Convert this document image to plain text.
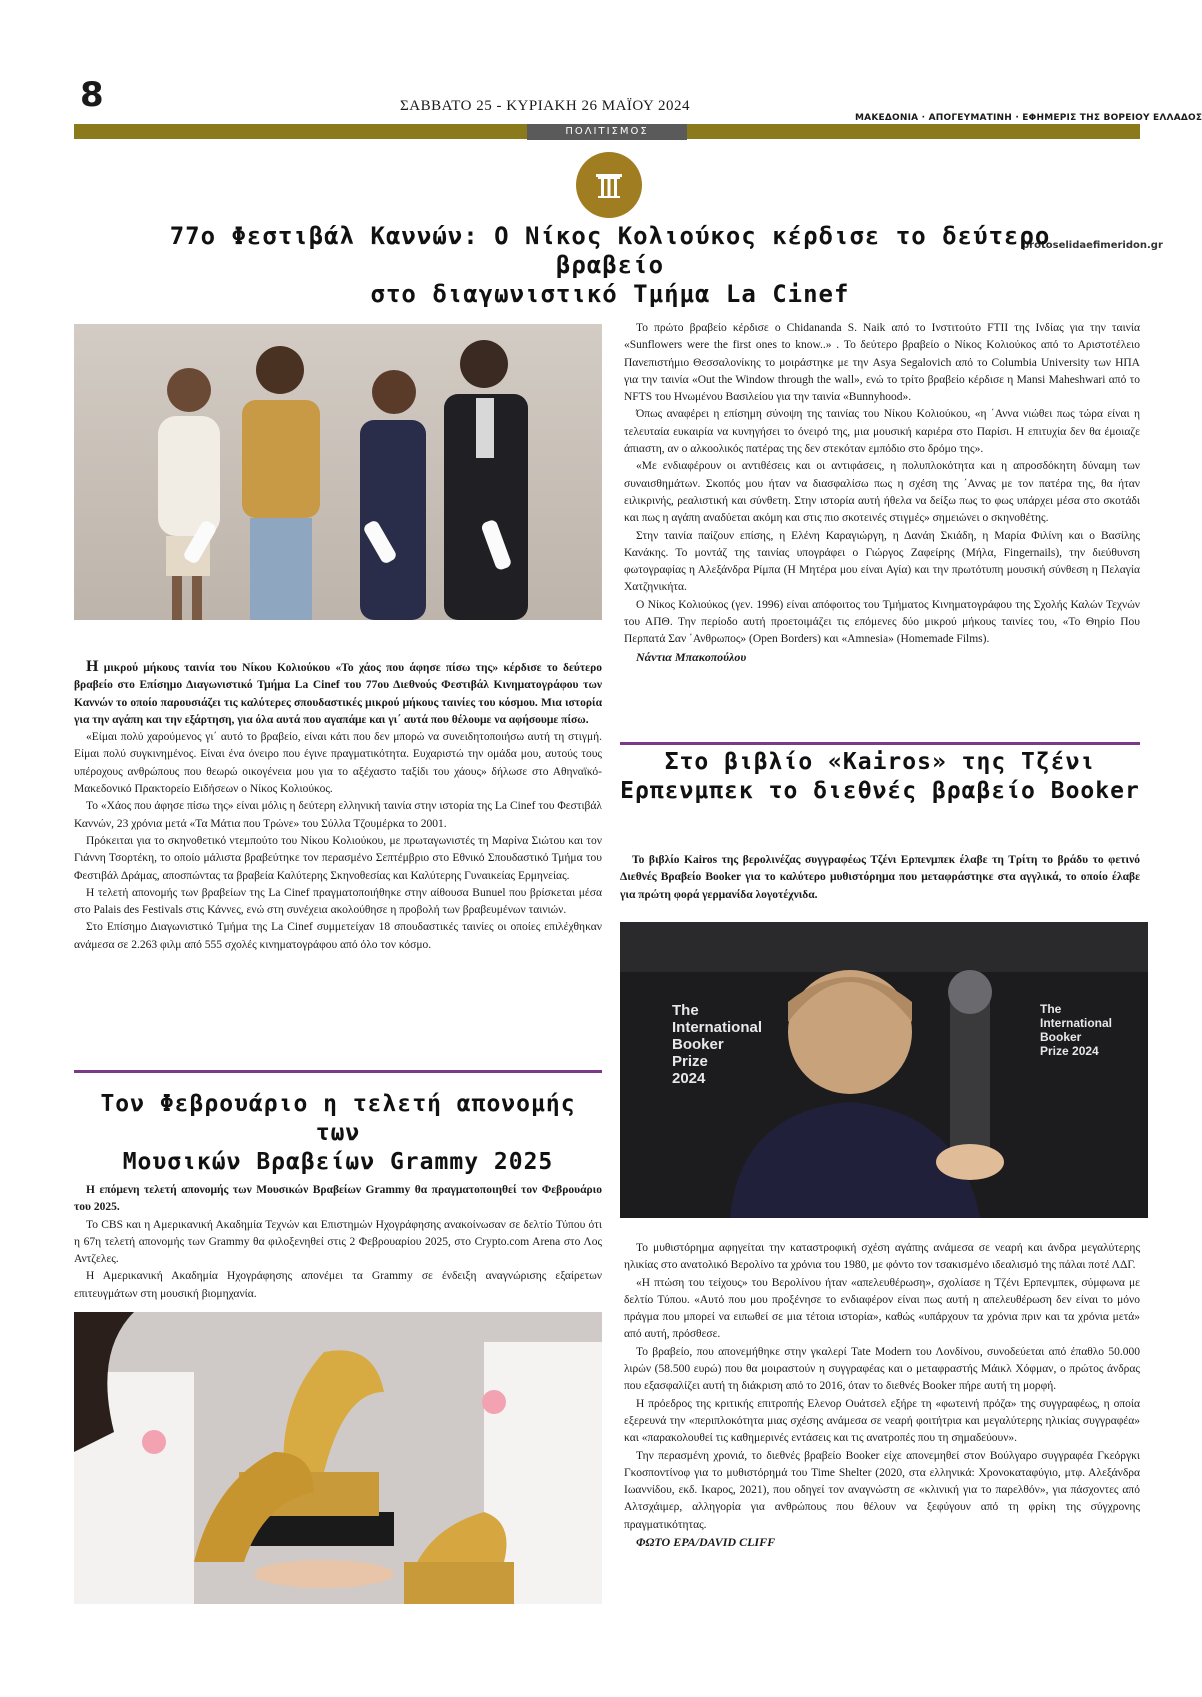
8	ΣΑΒΒΑΤΟ 25 - ΚΥΡΙΑΚΗ 26 ΜΑΪΟΥ 2024
ΜΑΚΕΔΟΝΙΑ · ΑΠΟΓΕΥΜΑΤΙΝΗ · ΕΦΗΜΕΡΙΣ ΤΗΣ ΒΟΡΕΙΟΥ ΕΛΛΑΔΟΣ
ΠΟΛΙΤΙΣΜΟΣ
protoselidaefimeridon.gr
77ο Φεστιβάλ Καννών: Ο Νίκος Κολιούκος κέρδισε το δεύτερο βραβείο
στο διαγωνιστικό Τμήμα La Cinef

Η μικρού μήκους ταινία του Νίκου Κολιούκου «Το χάος που άφησε πίσω της» κέρδισε το δεύτερο βραβείο στο Επίσημο Διαγωνιστικό Τμήμα La Cinef του 77ου Διεθνούς Φεστιβάλ Κινηματογράφου των Καννών το οποίο παρουσιάζει τις καλύτερες σπουδαστικές μικρού μήκους ταινίες του κόσμου. Μια ιστορία για την αγάπη και την εξάρτηση, για όλα αυτά που αγαπάμε και γι΄ αυτά που θέλουμε να αφήσουμε πίσω.

«Είμαι πολύ χαρούμενος γι΄ αυτό το βραβείο, είναι κάτι που δεν μπορώ να συνειδητοποιήσω αυτή τη στιγμή. Είμαι πολύ συγκινημένος. Είναι ένα όνειρο που έγινε πραγματικότητα. Ευχαριστώ την ομάδα μου, αυτούς τους υπέροχους ανθρώπους που θεωρώ οικογένεια μου για το αξέχαστο ταξίδι του χάους» δήλωσε στο Αθηναϊκό- Μακεδονικό Πρακτορείο Ειδήσεων ο Νίκος Κολιούκος.

Το «Χάος που άφησε πίσω της» είναι μόλις η δεύτερη ελληνική ταινία στην ιστορία της La Cinef του Φεστιβάλ Καννών, 23 χρόνια μετά «Τα Μάτια που Τρώνε» του Σύλλα Τζουμέρκα το 2001.

Πρόκειται για το σκηνοθετικό ντεμπούτο του Νίκου Κολιούκου, με πρωταγωνιστές τη Μαρίνα Σιώτου και τον Γιάννη Τσορτέκη, το οποίο μάλιστα βραβεύτηκε τον περασμένο Σεπτέμβριο στο Εθνικό Σπουδαστικό Τμήμα του Φεστιβάλ Δράμας, αποσπώντας τα βραβεία Καλύτερης Σκηνοθεσίας και Καλύτερης Γυναικείας Ερμηνείας.

Η τελετή απονομής των βραβείων της La Cinef πραγματοποιήθηκε στην αίθουσα Bunuel που βρίσκεται μέσα στο Palais des Festivals στις Κάννες, ενώ στη συνέχεια ακολούθησε η προβολή των βραβευμένων ταινιών.

Στο Επίσημο Διαγωνιστικό Τμήμα της La Cinef συμμετείχαν 18 σπουδαστικές ταινίες οι οποίες επιλέχθηκαν ανάμεσα σε 2.263 φιλμ από 555 σχολές κινηματογράφου από όλο τον κόσμο.

Το πρώτο βραβείο κέρδισε ο Chidananda S. Naik από το Ινστιτούτο FTII της Ινδίας για την ταινία «Sunflowers were the first ones to know..» . Το δεύτερο βραβείο ο Νίκος Κολιούκος από το Αριστοτέλειο Πανεπιστήμιο Θεσσαλονίκης το μοιράστηκε με την Asya Segalovich από το Columbia University των ΗΠΑ για την ταινία «Out the Window through the wall», ενώ το τρίτο βραβείο κέρδισε η Mansi Maheshwari από το NFTS του Ηνωμένου Βασιλείου για την ταινία «Bunnyhood».

Όπως αναφέρει η επίσημη σύνοψη της ταινίας του Νίκου Κολιούκου, «η ΄Αννα νιώθει πως τώρα είναι η τελευταία ευκαιρία να κυνηγήσει το όνειρό της, μια μουσική καριέρα στο Παρίσι. Η επιτυχία δεν θα έμοιαζε άπιαστη, αν ο αλκοολικός πατέρας της δεν στεκόταν εμπόδιο στο δρόμο της».

«Με ενδιαφέρουν οι αντιθέσεις και οι αντιφάσεις, η πολυπλοκότητα και η απροσδόκητη δύναμη των συναισθημάτων. Σκοπός μου ήταν να διασφαλίσω πως η σχέση της ΄Αννας με τον πατέρα της, θα ήταν ειλικρινής, ρεαλιστική και σύνθετη. Στην ιστορία αυτή ήθελα να δείξω πως το φως υπάρχει μέσα στο σκοτάδι και πως η αγάπη αναδύεται ακόμη και στις πιο σκοτεινές στιγμές» σημειώνει ο σκηνοθέτης.

Στην ταινία παίζουν επίσης, η Ελένη Καραγιώργη, η Δανάη Σκιάδη, η Μαρία Φιλίνη και ο Βασίλης Κανάκης. Το μοντάζ της ταινίας υπογράφει ο Γιώργος Ζαφείρης (Μήλα, Fingernails), την διεύθυνση φωτογραφίας η Αλεξάνδρα Ρίμπα (Η Μητέρα μου είναι Αγία) και την πρωτότυπη μουσική σύνθεση η Πελαγία Χατζηνικήτα.

Ο Νίκος Κολιούκος (γεν. 1996) είναι απόφοιτος του Τμήματος Κινηματογράφου της Σχολής Καλών Τεχνών του ΑΠΘ. Την περίοδο αυτή προετοιμάζει τις επόμενες δύο μικρού μήκους ταινίες του, «Το Θηρίο Που Περπατά Σαν ΄Ανθρωπος» (Open Borders) και «Amnesia» (Homemade Films).

Νάντια Μπακοπούλου

Στο βιβλίο «Kairos» της Τζένι
Ερπενμπεκ το διεθνές βραβείο Booker

Το βιβλίο Kairos της βερολινέζας συγγραφέως Τζένι Ερπενμπεκ έλαβε τη Τρίτη το βράδυ το φετινό Διεθνές Βραβείο Booker για το καλύτερο μυθιστόρημα που μεταφράστηκε στα αγγλικά, το οποίο έλαβε για πρώτη φορά γερμανίδα λογοτέχνιδα.

The International Booker Prize 2024
The International Booker Prize 2024

Το μυθιστόρημα αφηγείται την καταστροφική σχέση αγάπης ανάμεσα σε νεαρή και άνδρα μεγαλύτερης ηλικίας στο ανατολικό Βερολίνο τα χρόνια του 1980, με φόντο τον τσακισμένο ιδεαλισμό της πάλαι ποτέ ΛΔΓ.

«Η πτώση του τείχους» του Βερολίνου ήταν «απελευθέρωση», σχολίασε η Τζένι Ερπενμπεκ, σύμφωνα με δελτίο Τύπου. «Αυτό που μου προξένησε το ενδιαφέρον είναι πως αυτή η απελευθέρωση δεν είναι το μόνο πράγμα που μπορεί να ειπωθεί σε μια τέτοια ιστορία», καθώς «υπάρχουν τα χρόνια πριν και τα χρόνια μετά» από αυτή, πρόσθεσε.

Το βραβείο, που απονεμήθηκε στην γκαλερί Tate Modern του Λονδίνου, συνοδεύεται από έπαθλο 50.000 λιρών (58.500 ευρώ) που θα μοιραστούν η συγγραφέας και ο μεταφραστής Μάικλ Χόφμαν, ο πρώτος άνδρας που εξασφαλίζει αυτή τη διάκριση από το 2016, όταν το διεθνές Booker πήρε αυτή τη μορφή.

Η πρόεδρος της κριτικής επιτροπής Ελενορ Ουάτσελ εξήρε τη «φωτεινή πρόζα» της συγγραφέως, η οποία εξερευνά την «περιπλοκότητα μιας σχέσης ανάμεσα σε νεαρή φοιτήτρια και μεγαλύτερης ηλικίας συγγραφέα» και «παρακολουθεί τις καθημερινές εντάσεις και τις ανατροπές που τη σημαδεύουν».

Την περασμένη χρονιά, το διεθνές βραβείο Booker είχε απονεμηθεί στον Βούλγαρο συγγραφέα Γκεόργκι Γκοσποντίνοφ για το μυθιστόρημά του Time Shelter (2020, στα ελληνικά: Χρονοκαταφύγιο, μτφ. Αλεξάνδρα Ιωαννίδου, εκδ. Ικαρος, 2021), που οδηγεί τον αναγνώστη σε «κλινική για το παρελθόν», για πάσχοντες από Αλτσχάιμερ, αλληγορία για ανθρώπους που θέλουν να ξεφύγουν από τη φρίκη της σύγχρονης πραγματικότητας.

ΦΩΤΟ EPA/DAVID CLIFF

Τον Φεβρουάριο η τελετή απονομής των
Μουσικών Βραβείων Grammy 2025

Η επόμενη τελετή απονομής των Μουσικών Βραβείων Grammy θα πραγματοποιηθεί τον Φεβρουάριο του 2025.

Το CBS και η Αμερικανική Ακαδημία Τεχνών και Επιστημών Ηχογράφησης ανακοίνωσαν σε δελτίο Τύπου ότι η 67η τελετή απονομής των Grammy θα φιλοξενηθεί στις 2 Φεβρουαρίου 2025, στο Crypto.com Arena στο Λος Αντζελες.

Η Αμερικανική Ακαδημία Ηχογράφησης απονέμει τα Grammy σε ένδειξη αναγνώρισης εξαίρετων επιτευγμάτων στη μουσική βιομηχανία.
